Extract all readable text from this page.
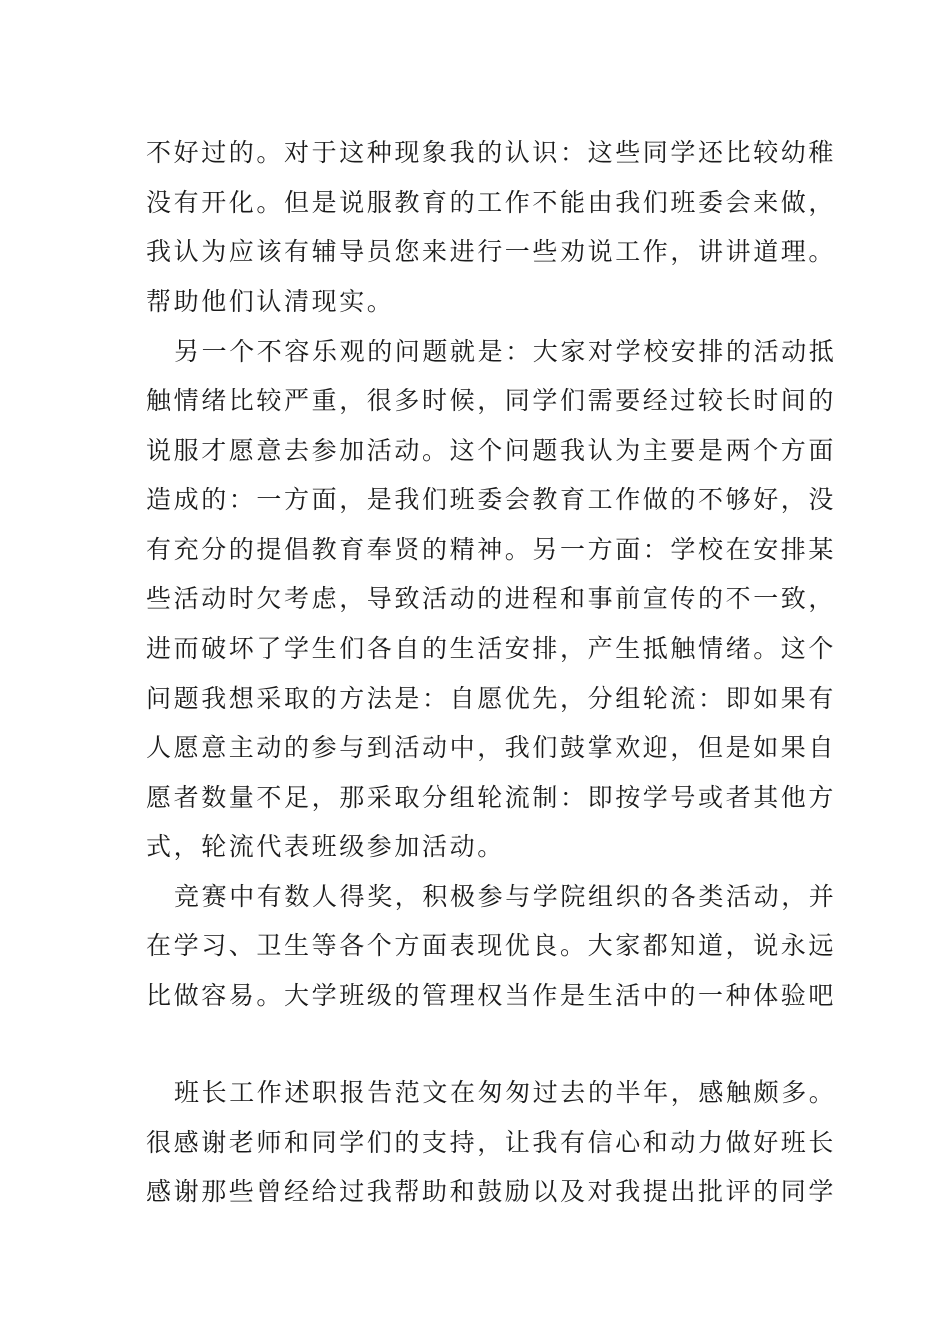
不好过的。对于这种现象我的认识：这些同学还比较幼稚
没有开化。但是说服教育的工作不能由我们班委会来做，
我认为应该有辅导员您来进行一些劝说工作，讲讲道理。
帮助他们认清现实。
另一个不容乐观的问题就是：大家对学校安排的活动抵
触情绪比较严重，很多时候，同学们需要经过较长时间的
说服才愿意去参加活动。这个问题我认为主要是两个方面
造成的：一方面，是我们班委会教育工作做的不够好，没
有充分的提倡教育奉贤的精神。另一方面：学校在安排某
些活动时欠考虑，导致活动的进程和事前宣传的不一致，
进而破坏了学生们各自的生活安排，产生抵触情绪。这个
问题我想采取的方法是：自愿优先，分组轮流：即如果有
人愿意主动的参与到活动中，我们鼓掌欢迎，但是如果自
愿者数量不足，那采取分组轮流制：即按学号或者其他方
式，轮流代表班级参加活动。
竞赛中有数人得奖，积极参与学院组织的各类活动，并
在学习、卫生等各个方面表现优良。大家都知道，说永远
比做容易。大学班级的管理权当作是生活中的一种体验吧
班长工作述职报告范文在匆匆过去的半年，感触颇多。
很感谢老师和同学们的支持，让我有信心和动力做好班长
感谢那些曾经给过我帮助和鼓励以及对我提出批评的同学
